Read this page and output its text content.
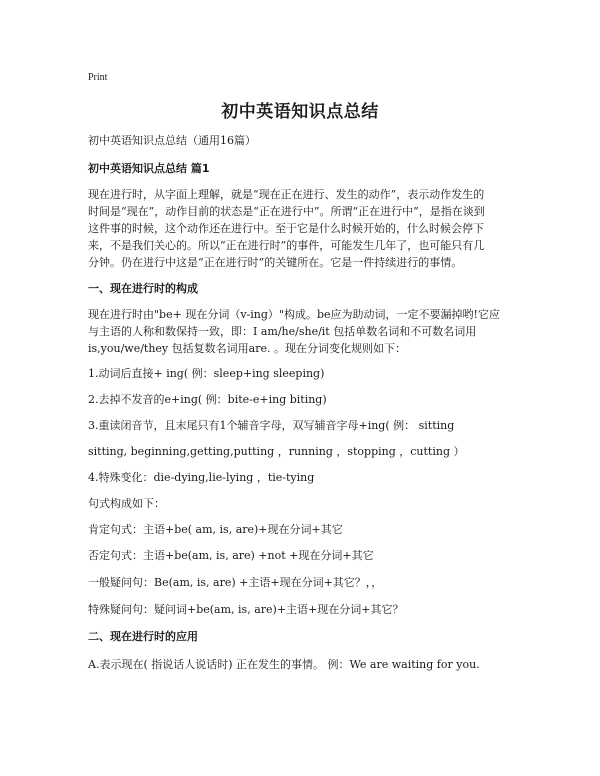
Print
初中英语知识点总结
初中英语知识点总结（通用16篇）
初中英语知识点总结 篇1
现在进行时，从字面上理解，就是“现在正在进行、发生的动作”，表示动作发生的
时间是“现在”，动作目前的状态是“正在进行中”。所谓“正在进行中”，是指在谈到
这件事的时候，这个动作还在进行中。至于它是什么时候开始的，什么时候会停下
来，不是我们关心的。所以“正在进行时”的事件，可能发生几年了，也可能只有几
分钟。仍在进行中这是“正在进行时”的关键所在。它是一件持续进行的事情。
一、现在进行时的构成
现在进行时由"be+ 现在分词（v-ing）"构成。be应为助动词，一定不要漏掉哟!它应
与主语的人称和数保持一致，即：I am/he/she/it 包括单数名词和不可数名词用
is,you/we/they 包括复数名词用are. 。现在分词变化规则如下：
1.动词后直接+ ing( 例：sleep+ing sleeping)
2.去掉不发音的e+ing( 例：bite-e+ing biting)
3.重读闭音节，且末尾只有1个辅音字母，双写辅音字母+ing( 例： sitting
sitting, beginning,getting,putting ，running ，stopping ，cutting ）
4.特殊变化：die-dying,lie-lying ，tie-tying
句式构成如下：
肯定句式：主语+be( am, is, are)+现在分词+其它
否定句式：主语+be(am, is, are) +not +现在分词+其它
一般疑问句：Be(am, is, are) +主语+现在分词+其它？，，
特殊疑问句：疑问词+be(am, is, are)+主语+现在分词+其它？
二、现在进行时的应用
A.表示现在( 指说话人说话时) 正在发生的事情。 例：We are waiting for you.
